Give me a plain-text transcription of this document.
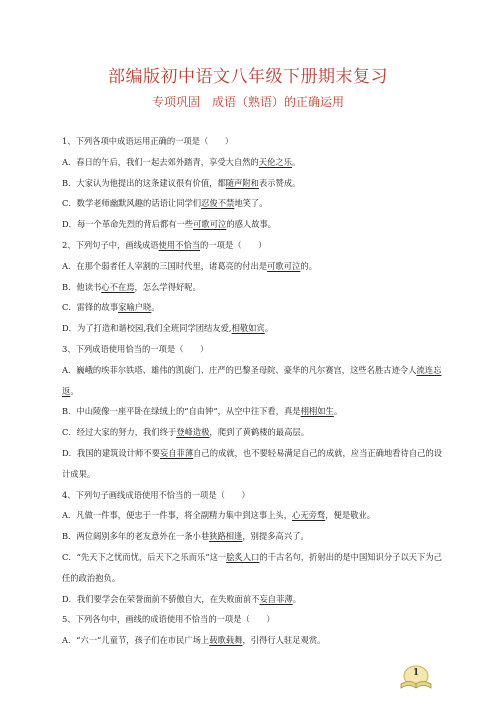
部编版初中语文八年级下册期末复习
专项巩固　成语（熟语）的正确运用
1、下列各项中成语运用正确的一项是（　　）
A．春日的午后，我们一起去郊外踏青，享受大自然的天伦之乐。
B．大家认为他提出的这条建议很有价值，都随声附和表示赞成。
C．数学老师幽默风趣的话语让同学们忍俊不禁地笑了。
D．每一个革命先烈的背后都有一些可歌可泣的感人故事。
2、下列句子中，画线成语使用不恰当的一项是（　　）
A．在那个弱者任人宰割的三国时代里，诸葛亮的付出是可歌可泣的。
B．他读书心不在焉，怎么学得好呢。
C．雷锋的故事家喻户晓。
D．为了打造和谐校园,我们全班同学团结友爱,相敬如宾。
3、下列成语使用恰当的一项是（　　）
A．巍峨的埃菲尔铁塔、雄伟的凯旋门、庄严的巴黎圣母院、豪华的凡尔赛宫，这些名胜古迹令人流连忘返。
B．中山陵像一座平卧在绿绒上的“自由钟”，从空中往下看，真是栩栩如生。
C．经过大家的努力，我们终于登峰造极，爬到了黄鹤楼的最高层。
D．我国的建筑设计师不要妄自菲薄自己的成就，也不要轻易满足自己的成就，应当正确地看待自己的设计成果。
4、下列句子画线成语使用不恰当的一项是（　　）
A．凡做一件事，便忠于一件事，将全副精力集中到这事上头，心无旁骛，便是敬业。
B．两位阔别多年的老友意外在一条小巷狭路相逢，别提多高兴了。
C．“先天下之忧而忧，后天下之乐而乐”这一脍炙人口的千古名句，折射出的是中国知识分子以天下为己任的政治抱负。
D．我们要学会在荣誉面前不骄傲自大，在失败面前不妄自菲薄。
5、下列各句中，画线的成语使用不恰当的一项是（　　）
A．“六一”儿童节，孩子们在市民广场上载歌载舞，引得行人驻足观赏。
1
